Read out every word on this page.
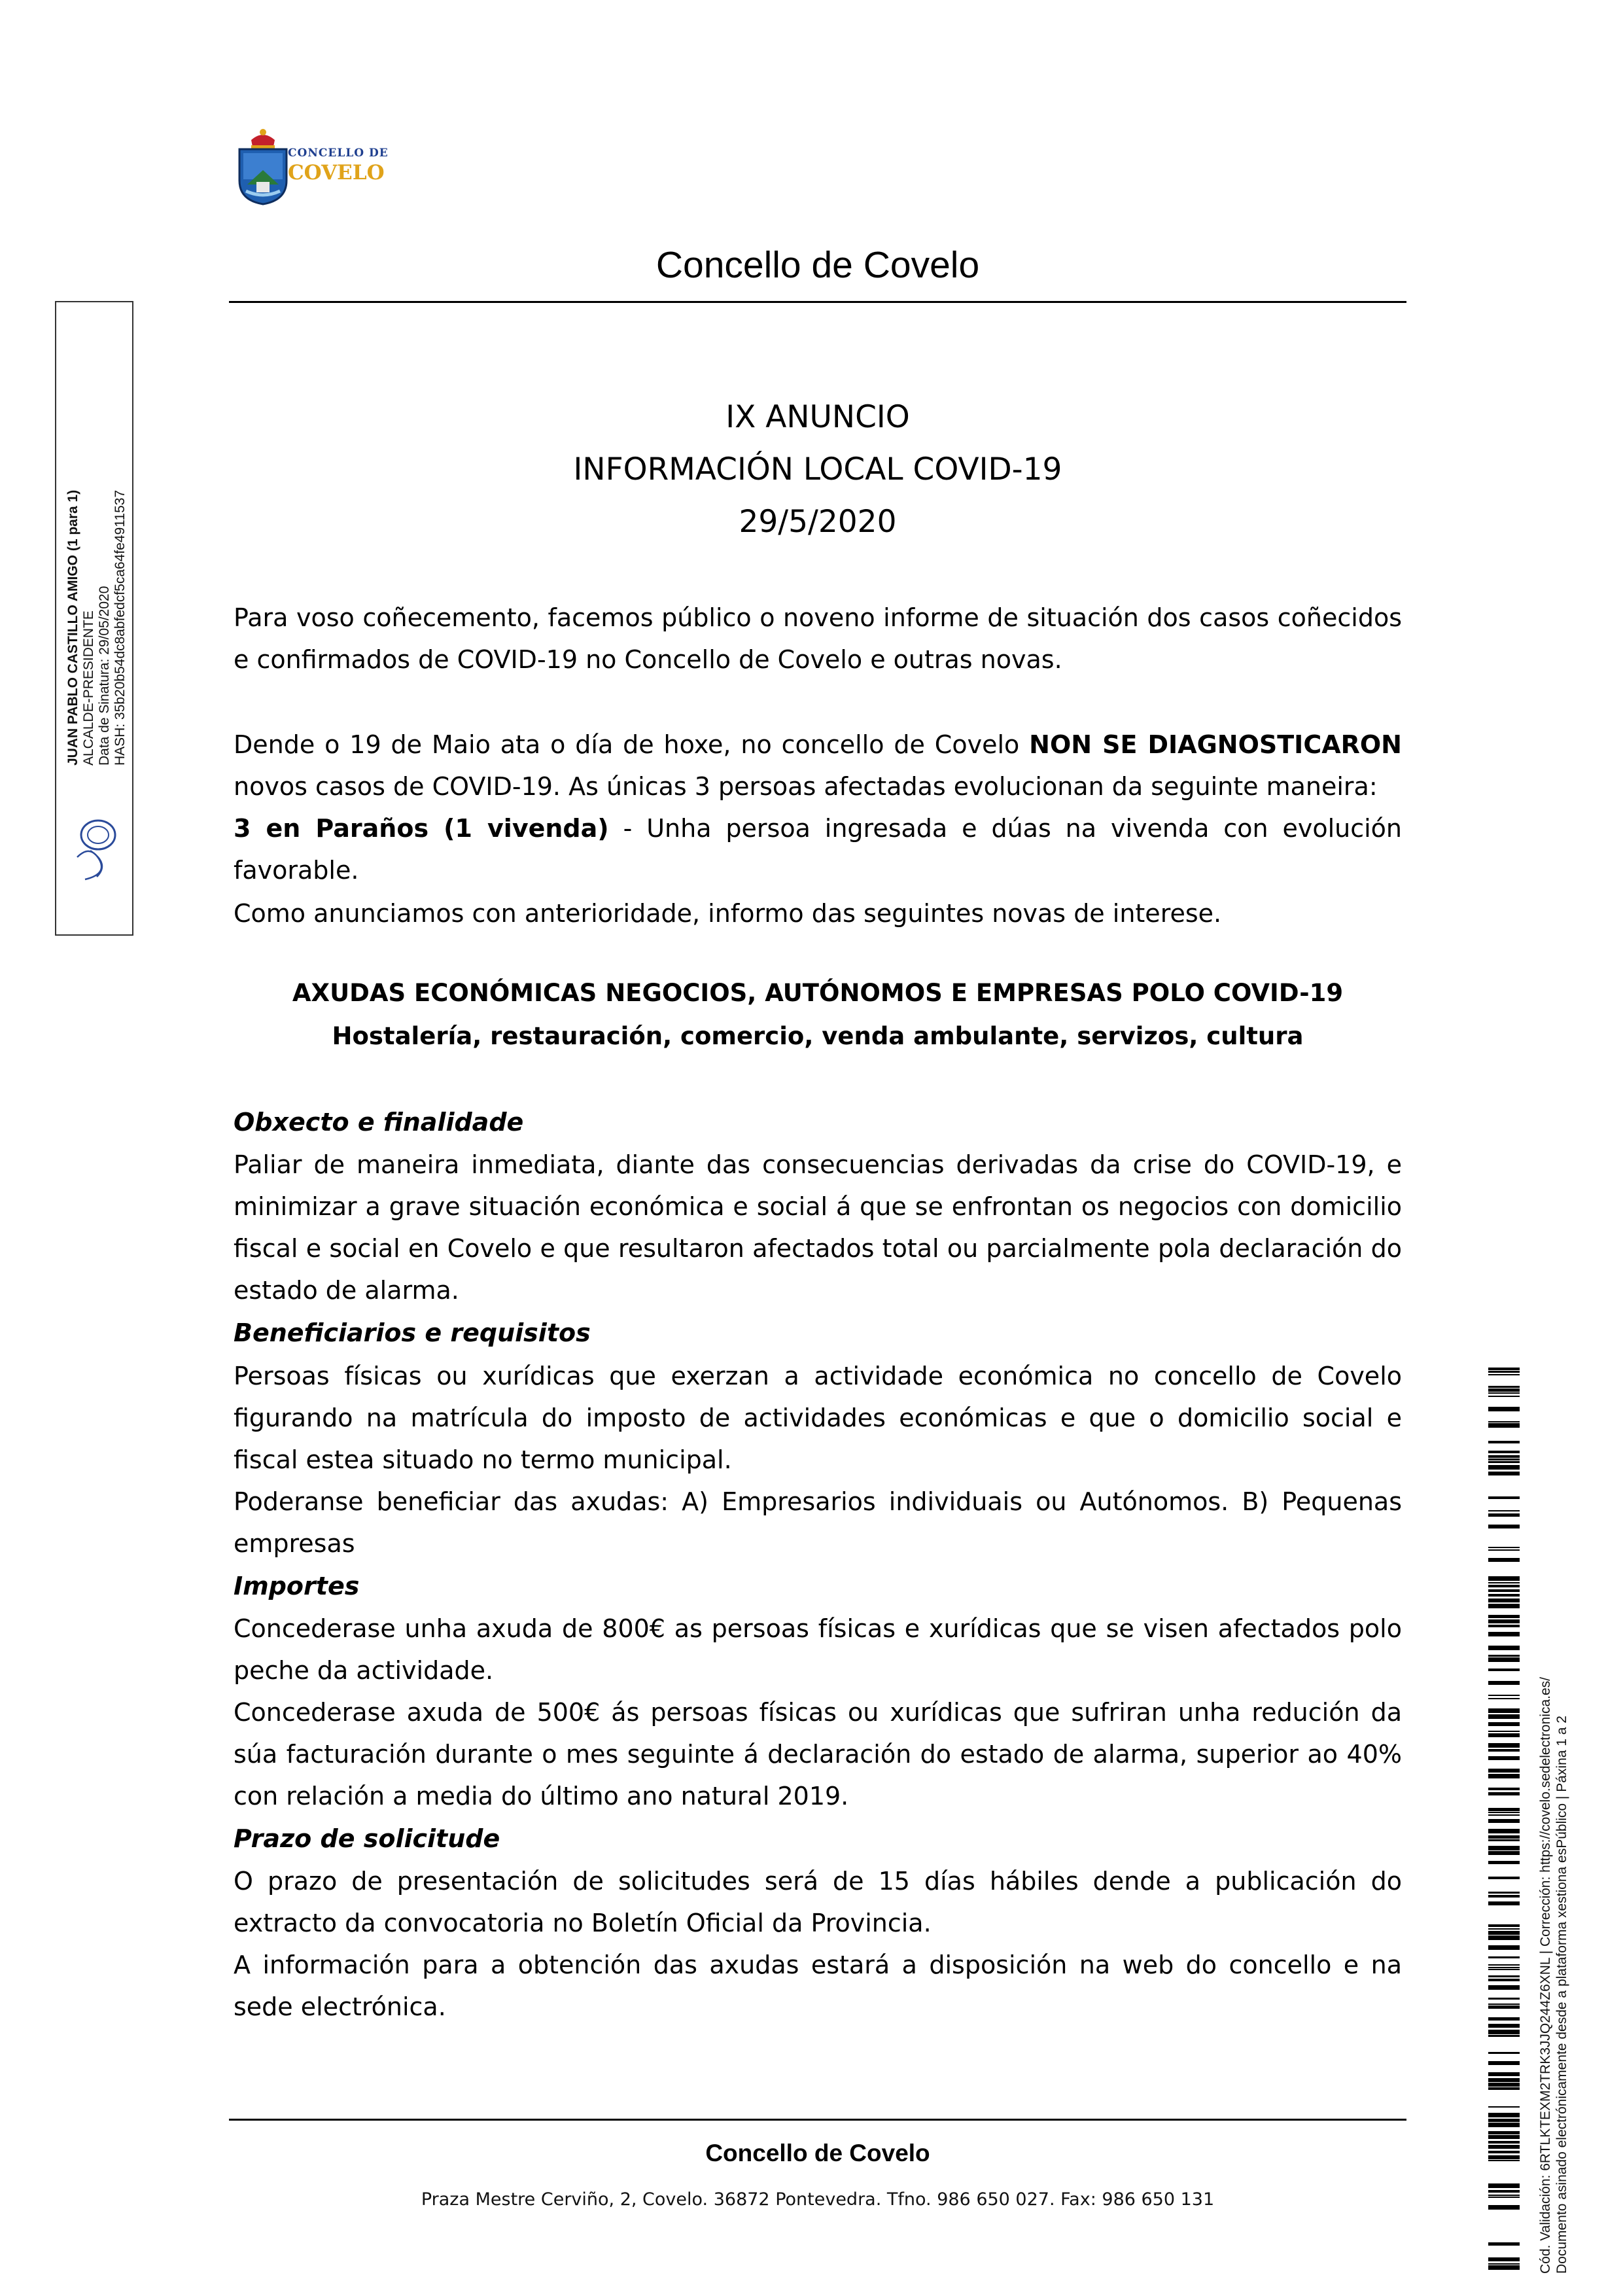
CONCELLO DE
COVELO
Concello de Covelo
JUAN PABLO CASTILLO AMIGO (1 para 1) ALCALDE-PRESIDENTE Data de Sinatura: 29/05/2020 HASH: 35b20b54dc8abfedcf5ca64fe4911537
IX ANUNCIO
INFORMACIÓN LOCAL COVID-19
29/5/2020

Para voso coñecemento, facemos público o noveno informe de situación dos casos coñecidos e confirmados de COVID-19 no Concello de Covelo e outras novas.

Dende o 19 de Maio ata o día de hoxe, no concello de Covelo NON SE DIAGNOSTICARON novos casos de COVID-19. As únicas 3 persoas afectadas evolucionan da seguinte maneira:
3 en Paraños (1 vivenda) - Unha persoa ingresada e dúas na vivenda con evolución favorable.

Como anunciamos con anterioridade, informo das seguintes novas de interese.

AXUDAS ECONÓMICAS NEGOCIOS, AUTÓNOMOS E EMPRESAS POLO COVID-19
Hostalería, restauración, comercio, venda ambulante, servizos, cultura
Obxecto e finalidade

Paliar de maneira inmediata, diante das consecuencias derivadas da crise do COVID-19, e minimizar a grave situación económica e social á que se enfrontan os negocios con domicilio fiscal e social en Covelo e que resultaron afectados total ou parcialmente pola declaración do estado de alarma.

Beneficiarios e requisitos

Persoas físicas ou xurídicas que exerzan a actividade económica no concello de Covelo figurando na matrícula do imposto de actividades económicas e que o domicilio social e fiscal estea situado no termo municipal.

Poderanse beneficiar das axudas: A) Empresarios individuais ou Autónomos. B) Pequenas empresas

Importes

Concederase unha axuda de 800€ as persoas físicas e xurídicas que se visen afectados polo peche da actividade.

Concederase axuda de 500€ ás persoas físicas ou xurídicas que sufriran unha redución da súa facturación durante o mes seguinte á declaración do estado de alarma, superior ao 40% con relación a media do último ano natural 2019.

Prazo de solicitude

O prazo de presentación de solicitudes será de 15 días hábiles dende a publicación do extracto da convocatoria no Boletín Oficial da Provincia.

A información para a obtención das axudas estará a disposición na web do concello e na sede electrónica.

Concello de Covelo
Praza Mestre Cerviño, 2, Covelo. 36872 Pontevedra. Tfno. 986 650 027. Fax: 986 650 131	Cód. Validación: 6RTLKTEXM2TRK3JJQ244Z6XNL | Corrección: https://covelo.sedelectronica.es/ Documento asinado electrónicamente desde a plataforma xestiona esPúblico | Páxina 1 a 2
